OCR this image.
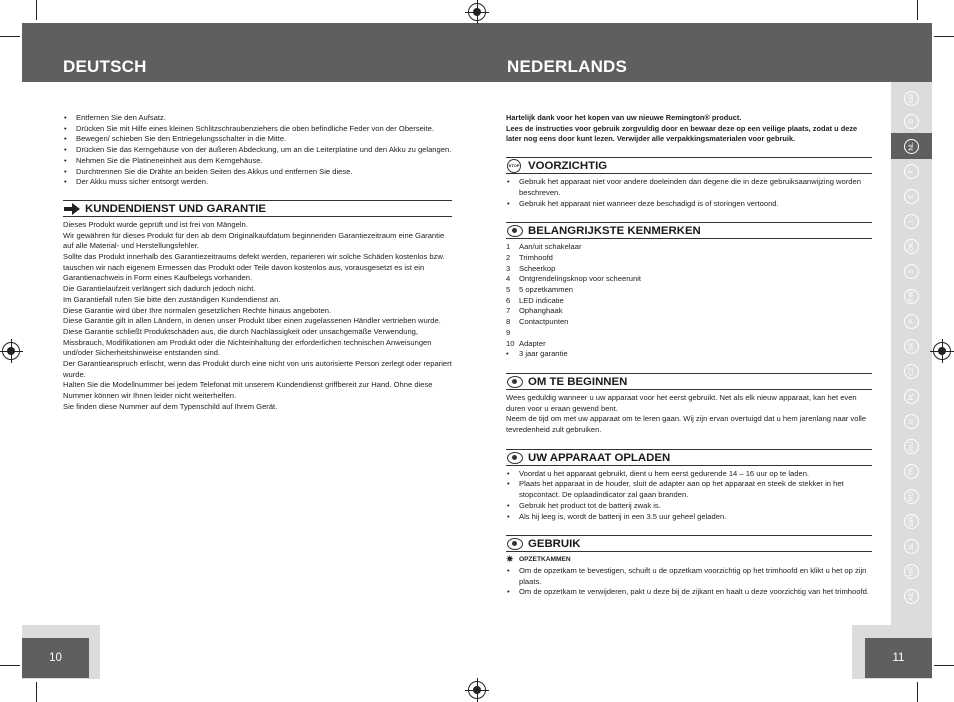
DEUTSCH	NEDERLANDS
• Entfernen Sie den Aufsatz.
• Drücken Sie mit Hilfe eines kleinen Schlitzschraubenziehers die oben befindliche Feder von der Oberseite.
• Bewegen/ schieben Sie den Entriegelungsschalter in die Mitte.
• Drücken Sie das Kerngehäuse von der äußeren Abdeckung, um an die Leiterplatine und den Akku zu gelangen.
• Nehmen Sie die Platineneinheit aus dem Kerngehäuse.
• Durchtrennen Sie die Drähte an beiden Seiten des Akkus und entfernen Sie diese.
• Der Akku muss sicher entsorgt werden.
KUNDENDIENST UND GARANTIE

Dieses Produkt wurde geprüft und ist frei von Mängeln.

Wir gewähren für dieses Produkt für den ab dem Originalkaufdatum beginnenden Garantiezeitraum eine Garantie auf alle Material- und Herstellungsfehler.

Sollte das Produkt innerhalb des Garantiezeitraums defekt werden, reparieren wir solche Schäden kostenlos bzw. tauschen wir nach eigenem Ermessen das Produkt oder Teile davon kostenlos aus, vorausgesetzt es ist ein Garantienachweis in Form eines Kaufbelegs vorhanden.

Die Garantielaufzeit verlängert sich dadurch jedoch nicht.

Im Garantiefall rufen Sie bitte den zuständigen Kundendienst an.

Diese Garantie wird über Ihre normalen gesetzlichen Rechte hinaus angeboten.

Diese Garantie gilt in allen Ländern, in denen unser Produkt über einen zugelassenen Händler vertrieben wurde.

Diese Garantie schließt Produktschäden aus, die durch Nachlässigkeit oder unsachgemäße Verwendung, Missbrauch, Modifikationen am Produkt oder die Nichteinhaltung der erforderlichen technischen Anweisungen und/oder Sicherheitshinweise entstanden sind.

Der Garantieanspruch erlischt, wenn das Produkt durch eine nicht von uns autorisierte Person zerlegt oder repariert wurde.

Halten Sie die Modellnummer bei jedem Telefonat mit unserem Kundendienst griffbereit zur Hand. Ohne diese Nummer können wir Ihnen leider nicht weiterhelfen.

Sie finden diese Nummer auf dem Typenschild auf Ihrem Gerät.

Hartelijk dank voor het kopen van uw nieuwe Remington® product.
Lees de instructies voor gebruik zorgvuldig door en bewaar deze op een veilige plaats, zodat u deze later nog eens door kunt lezen. Verwijder alle verpakkingsmaterialen voor gebruik.

STOP VOORZICHTIG
• Gebruik het apparaat niet voor andere doeleinden dan degene die in deze gebruiksaanwijzing worden beschreven.
• Gebruik het apparaat niet wanneer deze beschadigd is of storingen vertoond.
BELANGRIJKSTE KENMERKEN
1 Aan/uit schakelaar
2 Trimhoofd
3 Scheerkop
4 Ontgrendelingsknop voor scheerunit
5 5 opzetkammen
6 LED indicatie
7 Ophanghaak
8 Contactpunten
9
10 Adapter
• 3 jaar garantie
OM TE BEGINNEN

Wees geduldig wanneer u uw apparaat voor het eerst gebruikt. Net als elk nieuw apparaat, kan het even duren voor u eraan gewend bent.
Neem de tijd om met uw apparaat om te leren gaan. Wij zijn ervan overtuigd dat u hem jarenlang naar volle tevredenheid zult gebruiken.

UW APPARAAT OPLADEN
• Voordat u het apparaat gebruikt, dient u hem eerst gedurende 14 – 16 uur op te laden.
• Plaats het apparaat in de houder, sluit de adapter aan op het apparaat en steek de stekker in het stopcontact. De oplaadindicator zal gaan branden.
• Gebruik het product tot de batterij zwak is.
• Als hij leeg is, wordt de batterij in een 3.5 uur geheel geladen.
GEBRUIK
✷ OPZETKAMMEN
• Om de opzetkam te bevestigen, schuift u de opzetkam voorzichtig op het trimhoofd en klikt u het op zijn plaats.
• Om de opzetkam te verwijderen, pakt u deze bij de zijkant en haalt u deze voorzichtig van het trimhoofd.
GB
D
NL
F
E
I
DK
S
FIN
P
SK
CZ
PL
H
RU
TR
RO
GR
SL
HR
AE
10	11
